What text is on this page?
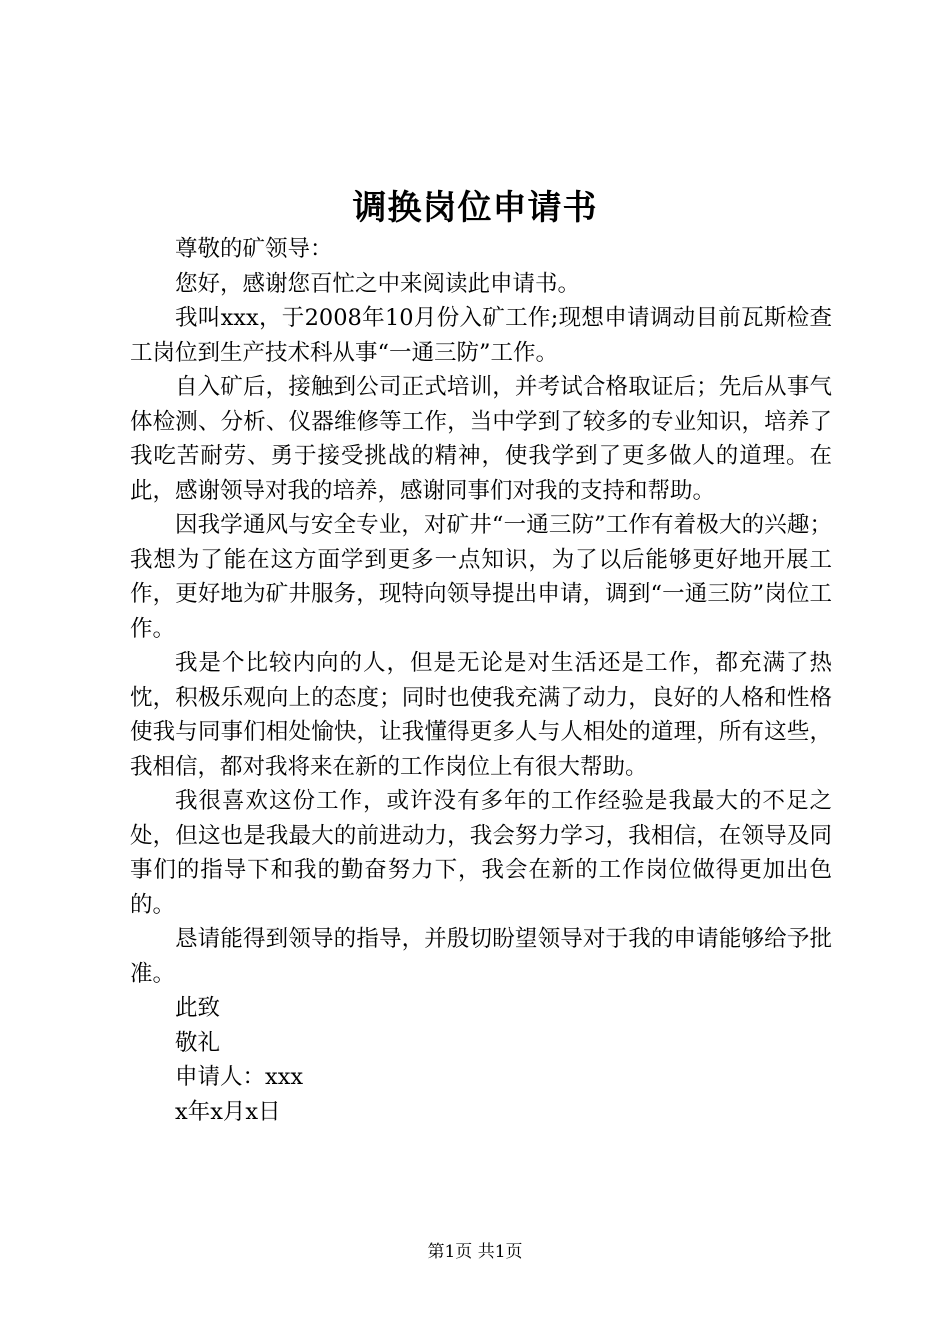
调换岗位申请书

尊敬的矿领导：

您好，感谢您百忙之中来阅读此申请书。

我叫xxx，于2008年10月份入矿工作;现想申请调动目前瓦斯检查工岗位到生产技术科从事“一通三防”工作。

自入矿后，接触到公司正式培训，并考试合格取证后；先后从事气体检测、分析、仪器维修等工作，当中学到了较多的专业知识，培养了我吃苦耐劳、勇于接受挑战的精神，使我学到了更多做人的道理。在此，感谢领导对我的培养，感谢同事们对我的支持和帮助。

因我学通风与安全专业，对矿井“一通三防”工作有着极大的兴趣；我想为了能在这方面学到更多一点知识，为了以后能够更好地开展工作，更好地为矿井服务，现特向领导提出申请，调到“一通三防”岗位工作。

我是个比较内向的人，但是无论是对生活还是工作，都充满了热忱，积极乐观向上的态度；同时也使我充满了动力，良好的人格和性格使我与同事们相处愉快，让我懂得更多人与人相处的道理，所有这些，我相信，都对我将来在新的工作岗位上有很大帮助。

我很喜欢这份工作，或许没有多年的工作经验是我最大的不足之处，但这也是我最大的前进动力，我会努力学习，我相信，在领导及同事们的指导下和我的勤奋努力下，我会在新的工作岗位做得更加出色的。

恳请能得到领导的指导，并殷切盼望领导对于我的申请能够给予批准。

此致

敬礼

申请人：xxx

x年x月x日

第1页 共1页
